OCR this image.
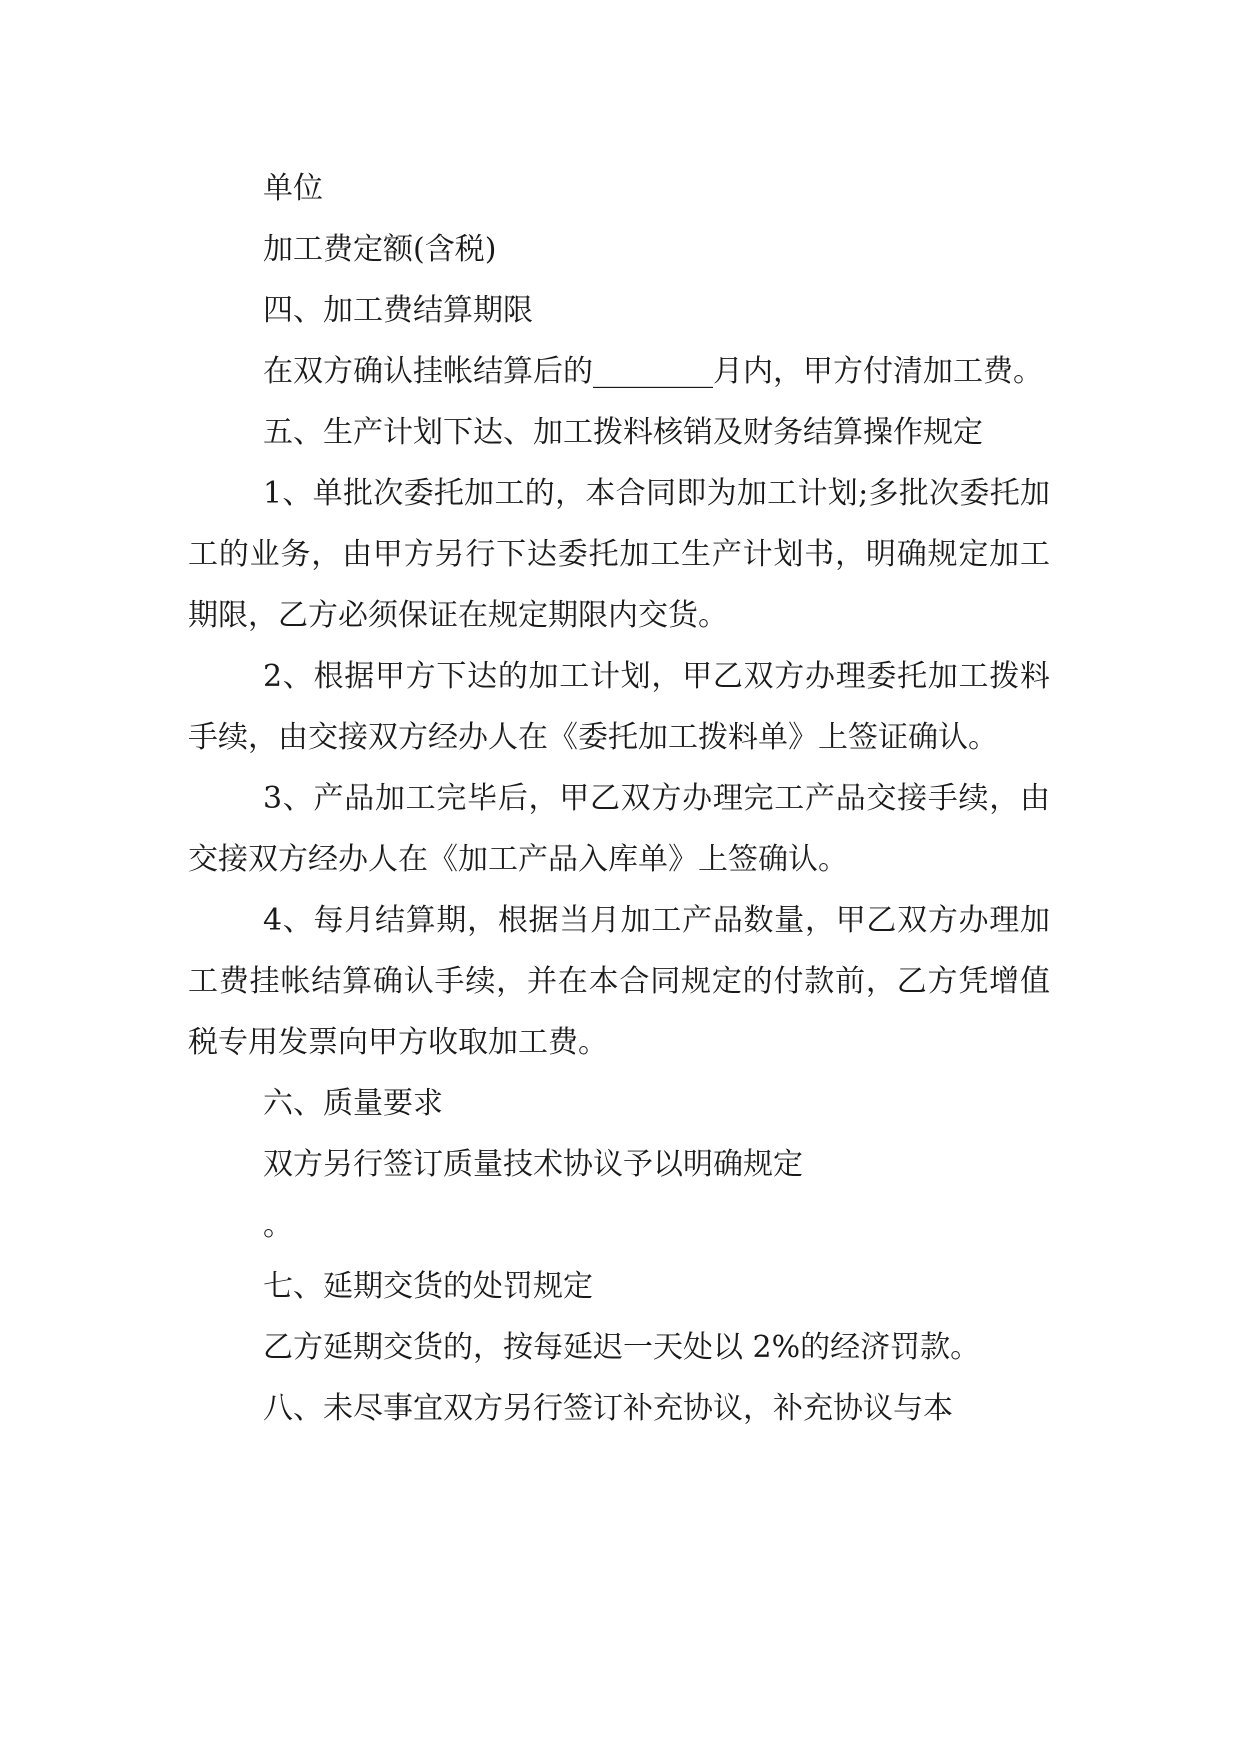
单位

加工费定额(含税)

四、加工费结算期限

在双方确认挂帐结算后的________月内，甲方付清加工费。

五、生产计划下达、加工拨料核销及财务结算操作规定

1、单批次委托加工的，本合同即为加工计划;多批次委托加工的业务，由甲方另行下达委托加工生产计划书，明确规定加工期限，乙方必须保证在规定期限内交货。

2、根据甲方下达的加工计划，甲乙双方办理委托加工拨料手续，由交接双方经办人在《委托加工拨料单》上签证确认。

3、产品加工完毕后，甲乙双方办理完工产品交接手续，由交接双方经办人在《加工产品入库单》上签确认。

4、每月结算期，根据当月加工产品数量，甲乙双方办理加工费挂帐结算确认手续，并在本合同规定的付款前，乙方凭增值税专用发票向甲方收取加工费。

六、质量要求

双方另行签订质量技术协议予以明确规定

。

七、延期交货的处罚规定

乙方延期交货的，按每延迟一天处以 2%的经济罚款。

八、未尽事宜双方另行签订补充协议，补充协议与本
